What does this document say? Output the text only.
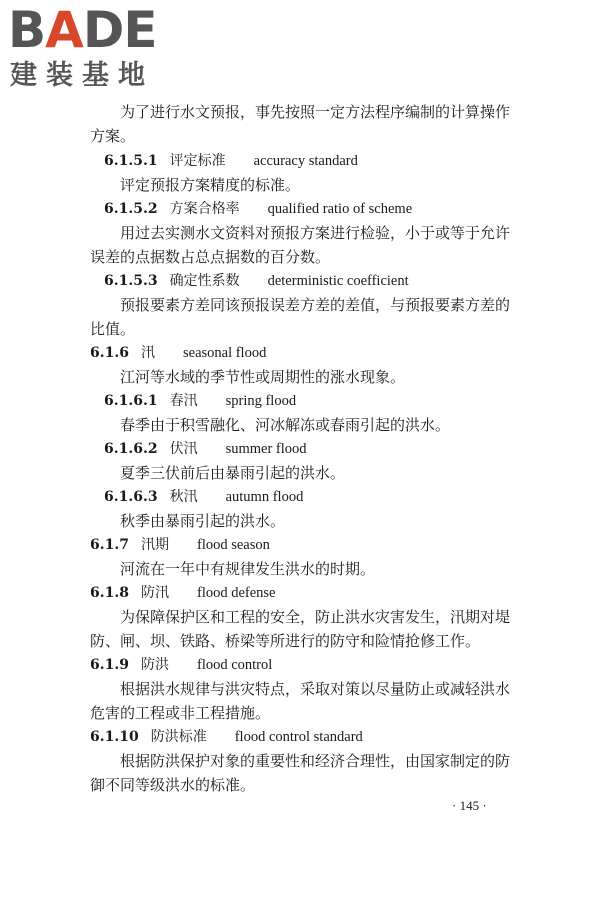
BADE
建装基地
为了进行水文预报，事先按照一定方法程序编制的计算操作
方案。
6.1.5.1 评定标准 accuracy standard
评定预报方案精度的标准。
6.1.5.2 方案合格率 qualified ratio of scheme
用过去实测水文资料对预报方案进行检验，小于或等于允许
误差的点据数占总点据数的百分数。
6.1.5.3 确定性系数 deterministic coefficient
预报要素方差同该预报误差方差的差值，与预报要素方差的
比值。
6.1.6 汛 seasonal flood
江河等水域的季节性或周期性的涨水现象。
6.1.6.1 春汛 spring flood
春季由于积雪融化、河冰解冻或春雨引起的洪水。
6.1.6.2 伏汛 summer flood
夏季三伏前后由暴雨引起的洪水。
6.1.6.3 秋汛 autumn flood
秋季由暴雨引起的洪水。
6.1.7 汛期 flood season
河流在一年中有规律发生洪水的时期。
6.1.8 防汛 flood defense
为保障保护区和工程的安全，防止洪水灾害发生，汛期对堤
防、闸、坝、铁路、桥梁等所进行的防守和险情抢修工作。
6.1.9 防洪 flood control
根据洪水规律与洪灾特点，采取对策以尽量防止或减轻洪水
危害的工程或非工程措施。
6.1.10 防洪标准 flood control standard
根据防洪保护对象的重要性和经济合理性，由国家制定的防
御不同等级洪水的标准。
· 145 ·
